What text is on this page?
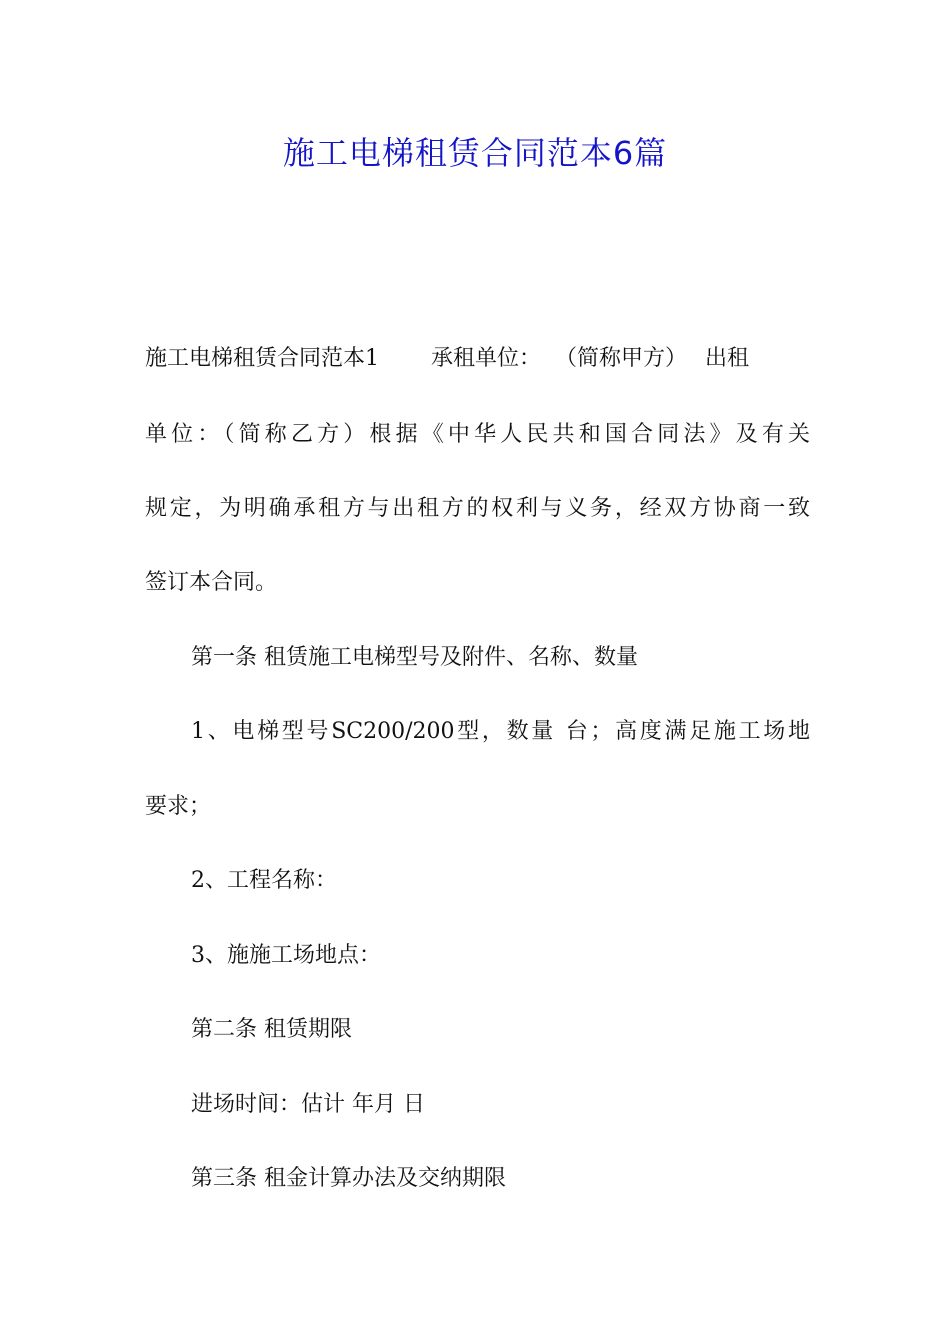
施工电梯租赁合同范本6篇
施工电梯租赁合同范本1 承租单位： （简称甲方） 出租
单位：（简称乙方）根据《中华人民共和国合同法》及有关
规定，为明确承租方与出租方的权利与义务，经双方协商一致
签订本合同。
第一条 租赁施工电梯型号及附件、名称、数量
1、电梯型号SC200/200型，数量 台；高度满足施工场地
要求；
2、工程名称：
3、施施工场地点：
第二条 租赁期限
进场时间：估计 年月 日
第三条 租金计算办法及交纳期限
